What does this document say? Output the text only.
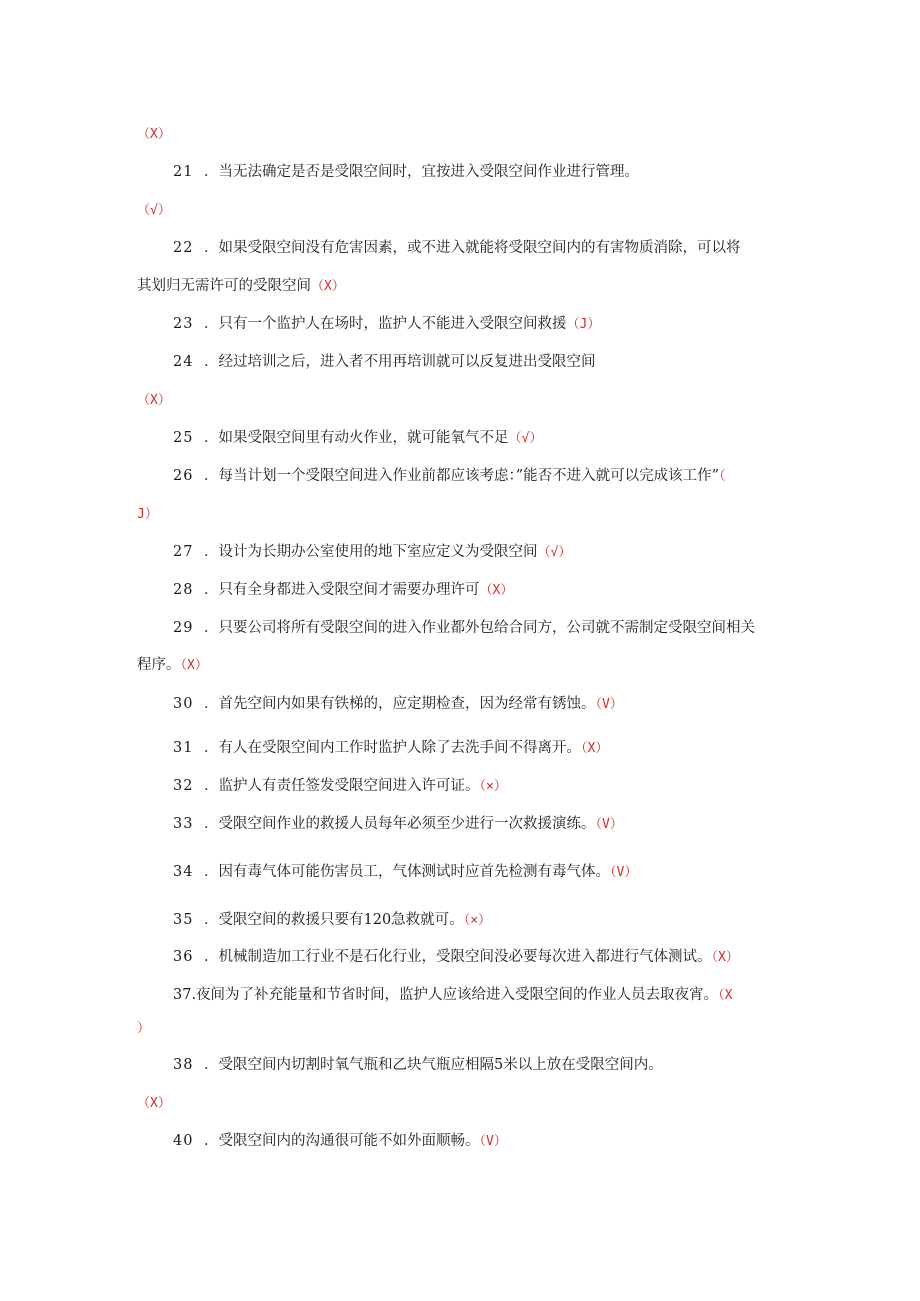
（X）
21 ．当无法确定是否是受限空间时，宜按进入受限空间作业进行管理。
（√）
22 ．如果受限空间没有危害因素，或不进入就能将受限空间内的有害物质消除，可以将
其划归无需许可的受限空间（X）
23 ．只有一个监护人在场时，监护人不能进入受限空间救援（J）
24 ．经过培训之后，进入者不用再培训就可以反复进出受限空间
（X）
25 ．如果受限空间里有动火作业，就可能氧气不足（√）
26 ．每当计划一个受限空间进入作业前都应该考虑：”能否不进入就可以完成该工作”（
J）
27 ．设计为长期办公室使用的地下室应定义为受限空间（√）
28 ．只有全身都进入受限空间才需要办理许可（X）
29 ．只要公司将所有受限空间的进入作业都外包给合同方，公司就不需制定受限空间相关
程序。（X）
30 ．首先空间内如果有铁梯的，应定期检查，因为经常有锈蚀。（V）
31 ．有人在受限空间内工作时监护人除了去洗手间不得离开。（X）
32 ．监护人有责任签发受限空间进入许可证。（×）
33 ．受限空间作业的救援人员每年必须至少进行一次救援演练。（V）
34 ．因有毒气体可能伤害员工，气体测试时应首先检测有毒气体。（V）
35 ．受限空间的救援只要有120急救就可。（×）
36 ．机械制造加工行业不是石化行业，受限空间没必要每次进入都进行气体测试。（X）
37.夜间为了补充能量和节省时间，监护人应该给进入受限空间的作业人员去取夜宵。（X
）
38 ．受限空间内切割时氧气瓶和乙块气瓶应相隔5米以上放在受限空间内。
（X）
40 ．受限空间内的沟通很可能不如外面顺畅。（V）
